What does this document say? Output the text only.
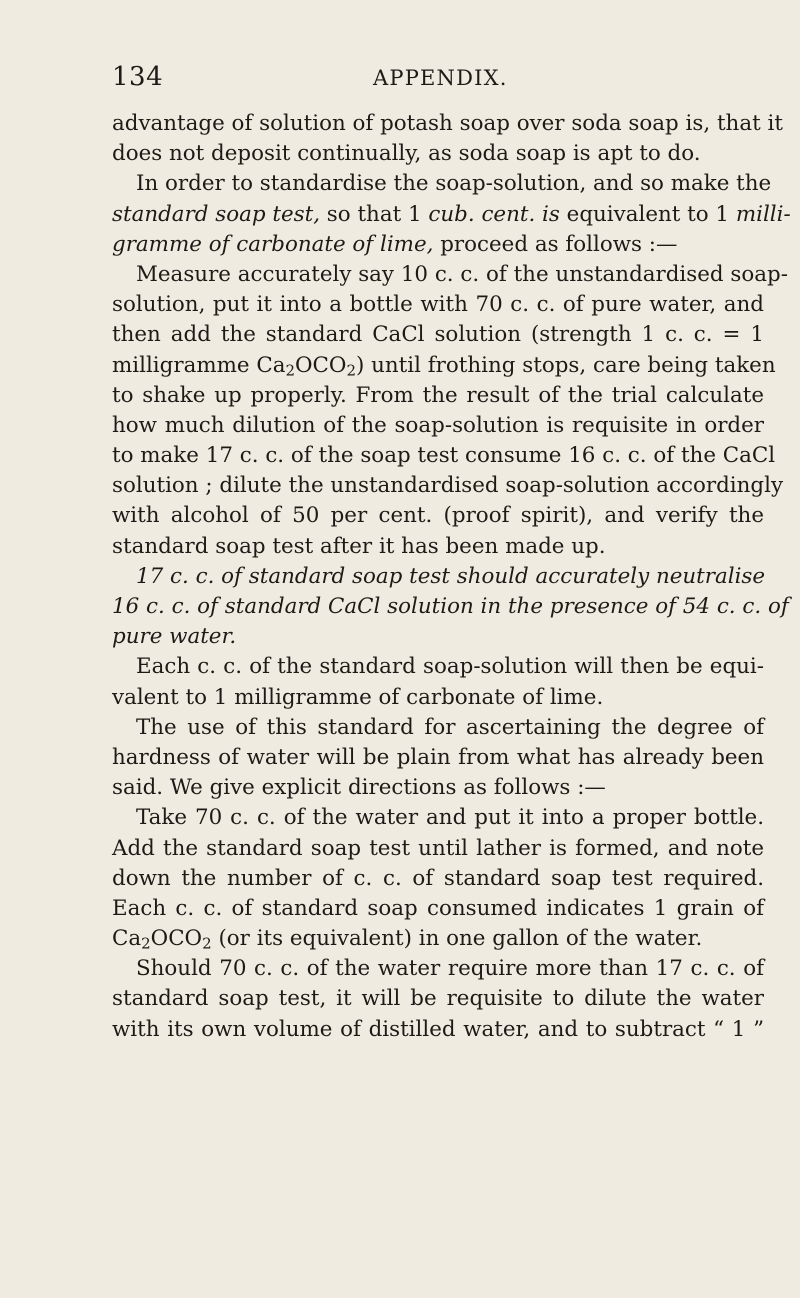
134	APPENDIX.
advantage of solution of potash soap over soda soap is, that it
does not deposit continually, as soda soap is apt to do.
In order to standardise the soap-solution, and so make the
standard soap test, so that 1 cub. cent. is equivalent to 1 milli-
gramme of carbonate of lime, proceed as follows :—
Measure accurately say 10 c. c. of the unstandardised soap-
solution, put it into a bottle with 70 c. c. of pure water, and
then add the standard CaCl solution (strength 1 c. c. = 1
milligramme $Ca_2OCO_2$) until frothing stops, care being taken
to shake up properly. From the result of the trial calculate
how much dilution of the soap-solution is requisite in order
to make 17 c. c. of the soap test consume 16 c. c. of the CaCl
solution ; dilute the unstandardised soap-solution accordingly
with alcohol of 50 per cent. (proof spirit), and verify the
standard soap test after it has been made up.
17 c. c. of standard soap test should accurately neutralise
16 c. c. of standard CaCl solution in the presence of 54 c. c. of
pure water.
Each c. c. of the standard soap-solution will then be equi-
valent to 1 milligramme of carbonate of lime.
The use of this standard for ascertaining the degree of
hardness of water will be plain from what has already been
said. We give explicit directions as follows :—
Take 70 c. c. of the water and put it into a proper bottle.
Add the standard soap test until lather is formed, and note
down the number of c. c. of standard soap test required.
Each c. c. of standard soap consumed indicates 1 grain of
$Ca_2OCO_2$ (or its equivalent) in one gallon of the water.
Should 70 c. c. of the water require more than 17 c. c. of
standard soap test, it will be requisite to dilute the water
with its own volume of distilled water, and to subtract “ 1 ”
